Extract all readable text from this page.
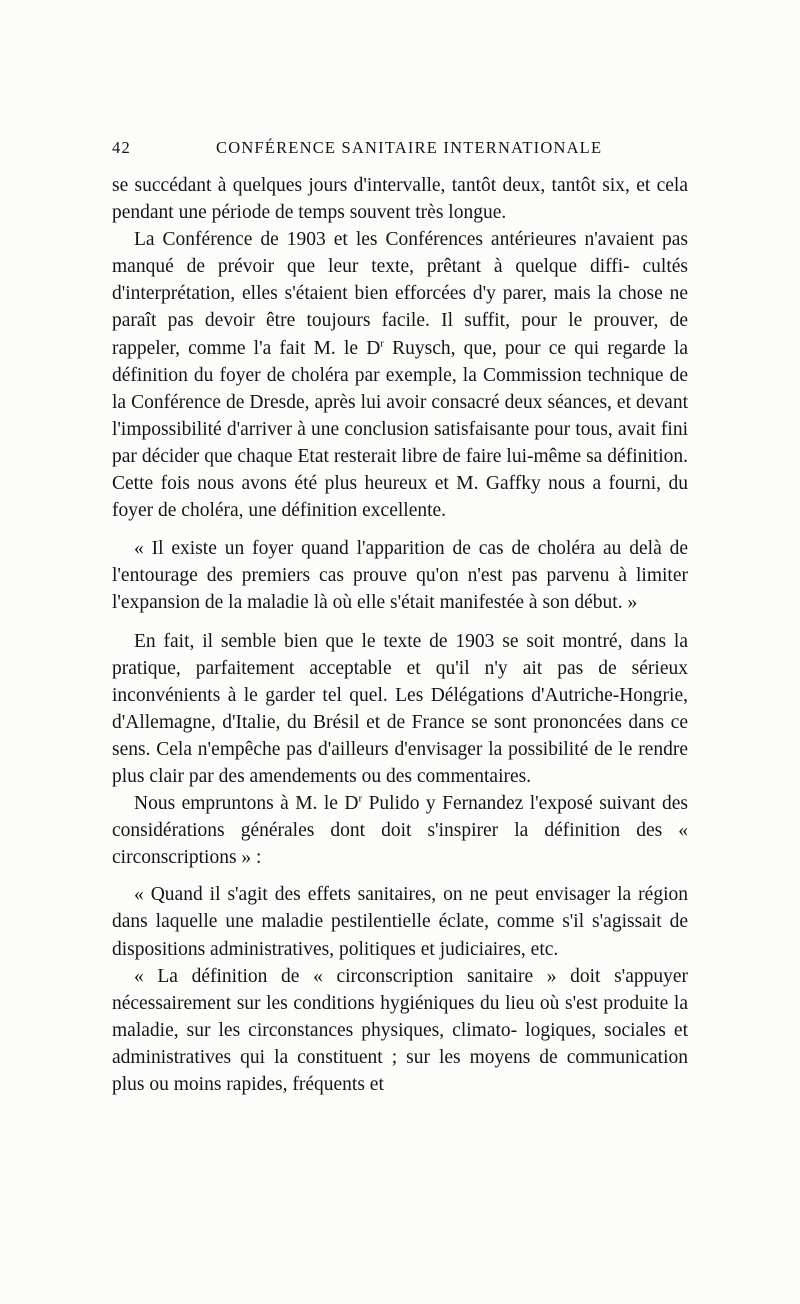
42	CONFÉRENCE SANITAIRE INTERNATIONALE

se succédant à quelques jours d'intervalle, tantôt deux, tantôt six, et cela pendant une période de temps souvent très longue.

La Conférence de 1903 et les Conférences antérieures n'avaient pas manqué de prévoir que leur texte, prêtant à quelque diffi- cultés d'interprétation, elles s'étaient bien efforcées d'y parer, mais la chose ne paraît pas devoir être toujours facile. Il suffit, pour le prouver, de rappeler, comme l'a fait M. le $D^r$ Ruysch, que, pour ce qui regarde la définition du foyer de choléra par exemple, la Commission technique de la Conférence de Dresde, après lui avoir consacré deux séances, et devant l'impossibilité d'arriver à une conclusion satisfaisante pour tous, avait fini par décider que chaque Etat resterait libre de faire lui-même sa définition. Cette fois nous avons été plus heureux et M. Gaffky nous a fourni, du foyer de choléra, une définition excellente.

« Il existe un foyer quand l'apparition de cas de choléra au delà de l'entourage des premiers cas prouve qu'on n'est pas parvenu à limiter l'expansion de la maladie là où elle s'était manifestée à son début. »

En fait, il semble bien que le texte de 1903 se soit montré, dans la pratique, parfaitement acceptable et qu'il n'y ait pas de sérieux inconvénients à le garder tel quel. Les Délégations d'Autriche-Hongrie, d'Allemagne, d'Italie, du Brésil et de France se sont prononcées dans ce sens. Cela n'empêche pas d'ailleurs d'envisager la possibilité de le rendre plus clair par des amendements ou des commentaires.

Nous empruntons à M. le $D^r$ Pulido y Fernandez l'exposé suivant des considérations générales dont doit s'inspirer la définition des « circonscriptions » :

« Quand il s'agit des effets sanitaires, on ne peut envisager la région dans laquelle une maladie pestilentielle éclate, comme s'il s'agissait de dispositions administratives, politiques et judiciaires, etc.

« La définition de « circonscription sanitaire » doit s'appuyer nécessairement sur les conditions hygiéniques du lieu où s'est produite la maladie, sur les circonstances physiques, climato- logiques, sociales et administratives qui la constituent ; sur les moyens de communication plus ou moins rapides, fréquents et
